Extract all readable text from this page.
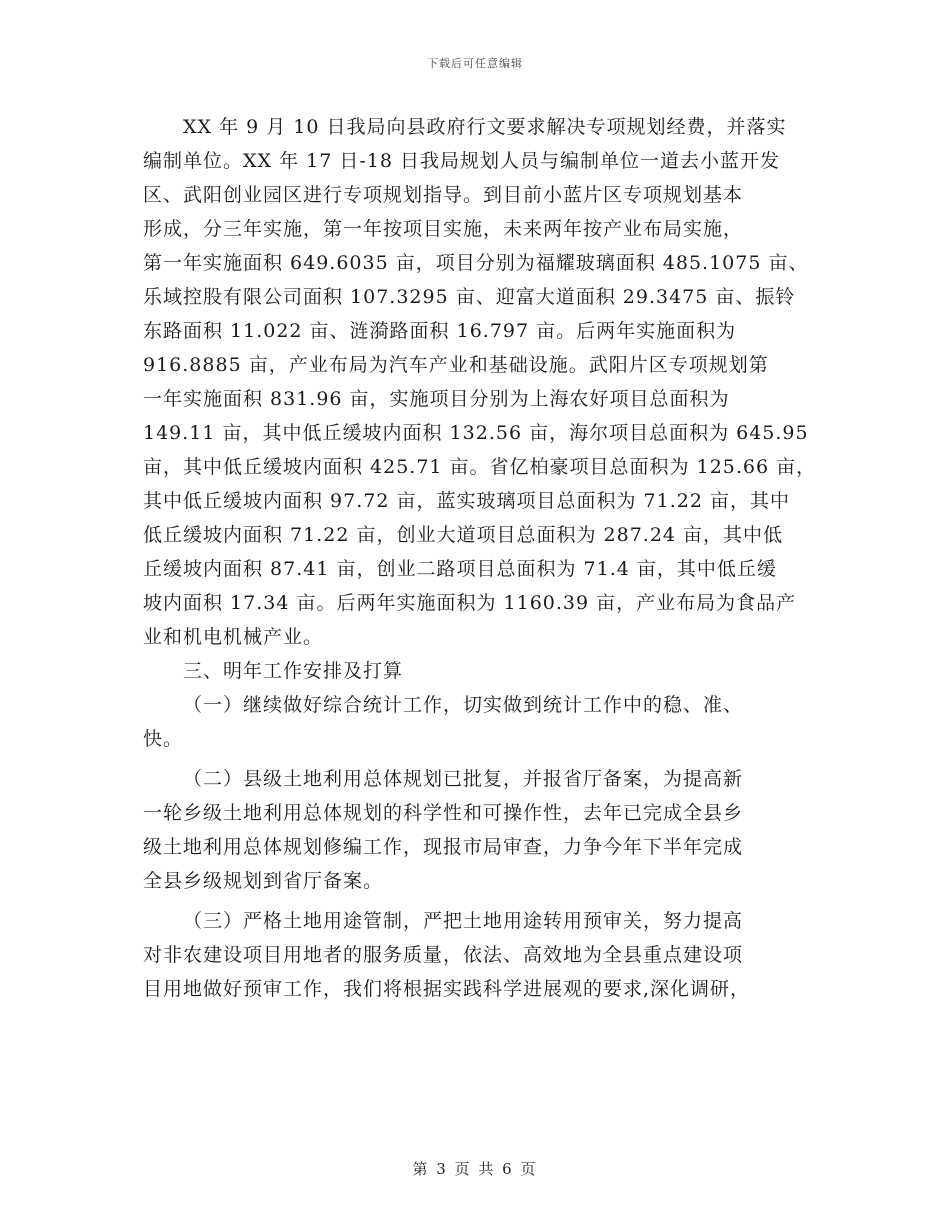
下载后可任意编辑
XX 年 9 月 10 日我局向县政府行文要求解决专项规划经费，并落实
编制单位。XX 年 17 日-18 日我局规划人员与编制单位一道去小蓝开发
区、武阳创业园区进行专项规划指导。到目前小蓝片区专项规划基本
形成，分三年实施，第一年按项目实施，未来两年按产业布局实施，
第一年实施面积 649.6035 亩，项目分别为福耀玻璃面积 485.1075 亩、
乐域控股有限公司面积 107.3295 亩、迎富大道面积 29.3475 亩、振铃
东路面积 11.022 亩、涟漪路面积 16.797 亩。后两年实施面积为
916.8885 亩，产业布局为汽车产业和基础设施。武阳片区专项规划第
一年实施面积 831.96 亩，实施项目分别为上海农好项目总面积为
149.11 亩，其中低丘缓坡内面积 132.56 亩，海尔项目总面积为 645.95
亩，其中低丘缓坡内面积 425.71 亩。省亿柏豪项目总面积为 125.66 亩，
其中低丘缓坡内面积 97.72 亩，蓝实玻璃项目总面积为 71.22 亩，其中
低丘缓坡内面积 71.22 亩，创业大道项目总面积为 287.24 亩，其中低
丘缓坡内面积 87.41 亩，创业二路项目总面积为 71.4 亩，其中低丘缓
坡内面积 17.34 亩。后两年实施面积为 1160.39 亩，产业布局为食品产
业和机电机械产业。
三、明年工作安排及打算
（一）继续做好综合统计工作，切实做到统计工作中的稳、准、
快。
（二）县级土地利用总体规划已批复，并报省厅备案，为提高新
一轮乡级土地利用总体规划的科学性和可操作性，去年已完成全县乡
级土地利用总体规划修编工作，现报市局审查，力争今年下半年完成
全县乡级规划到省厅备案。
（三）严格土地用途管制，严把土地用途转用预审关，努力提高
对非农建设项目用地者的服务质量，依法、高效地为全县重点建设项
目用地做好预审工作，我们将根据实践科学进展观的要求,深化调研，
第 3 页 共 6 页
